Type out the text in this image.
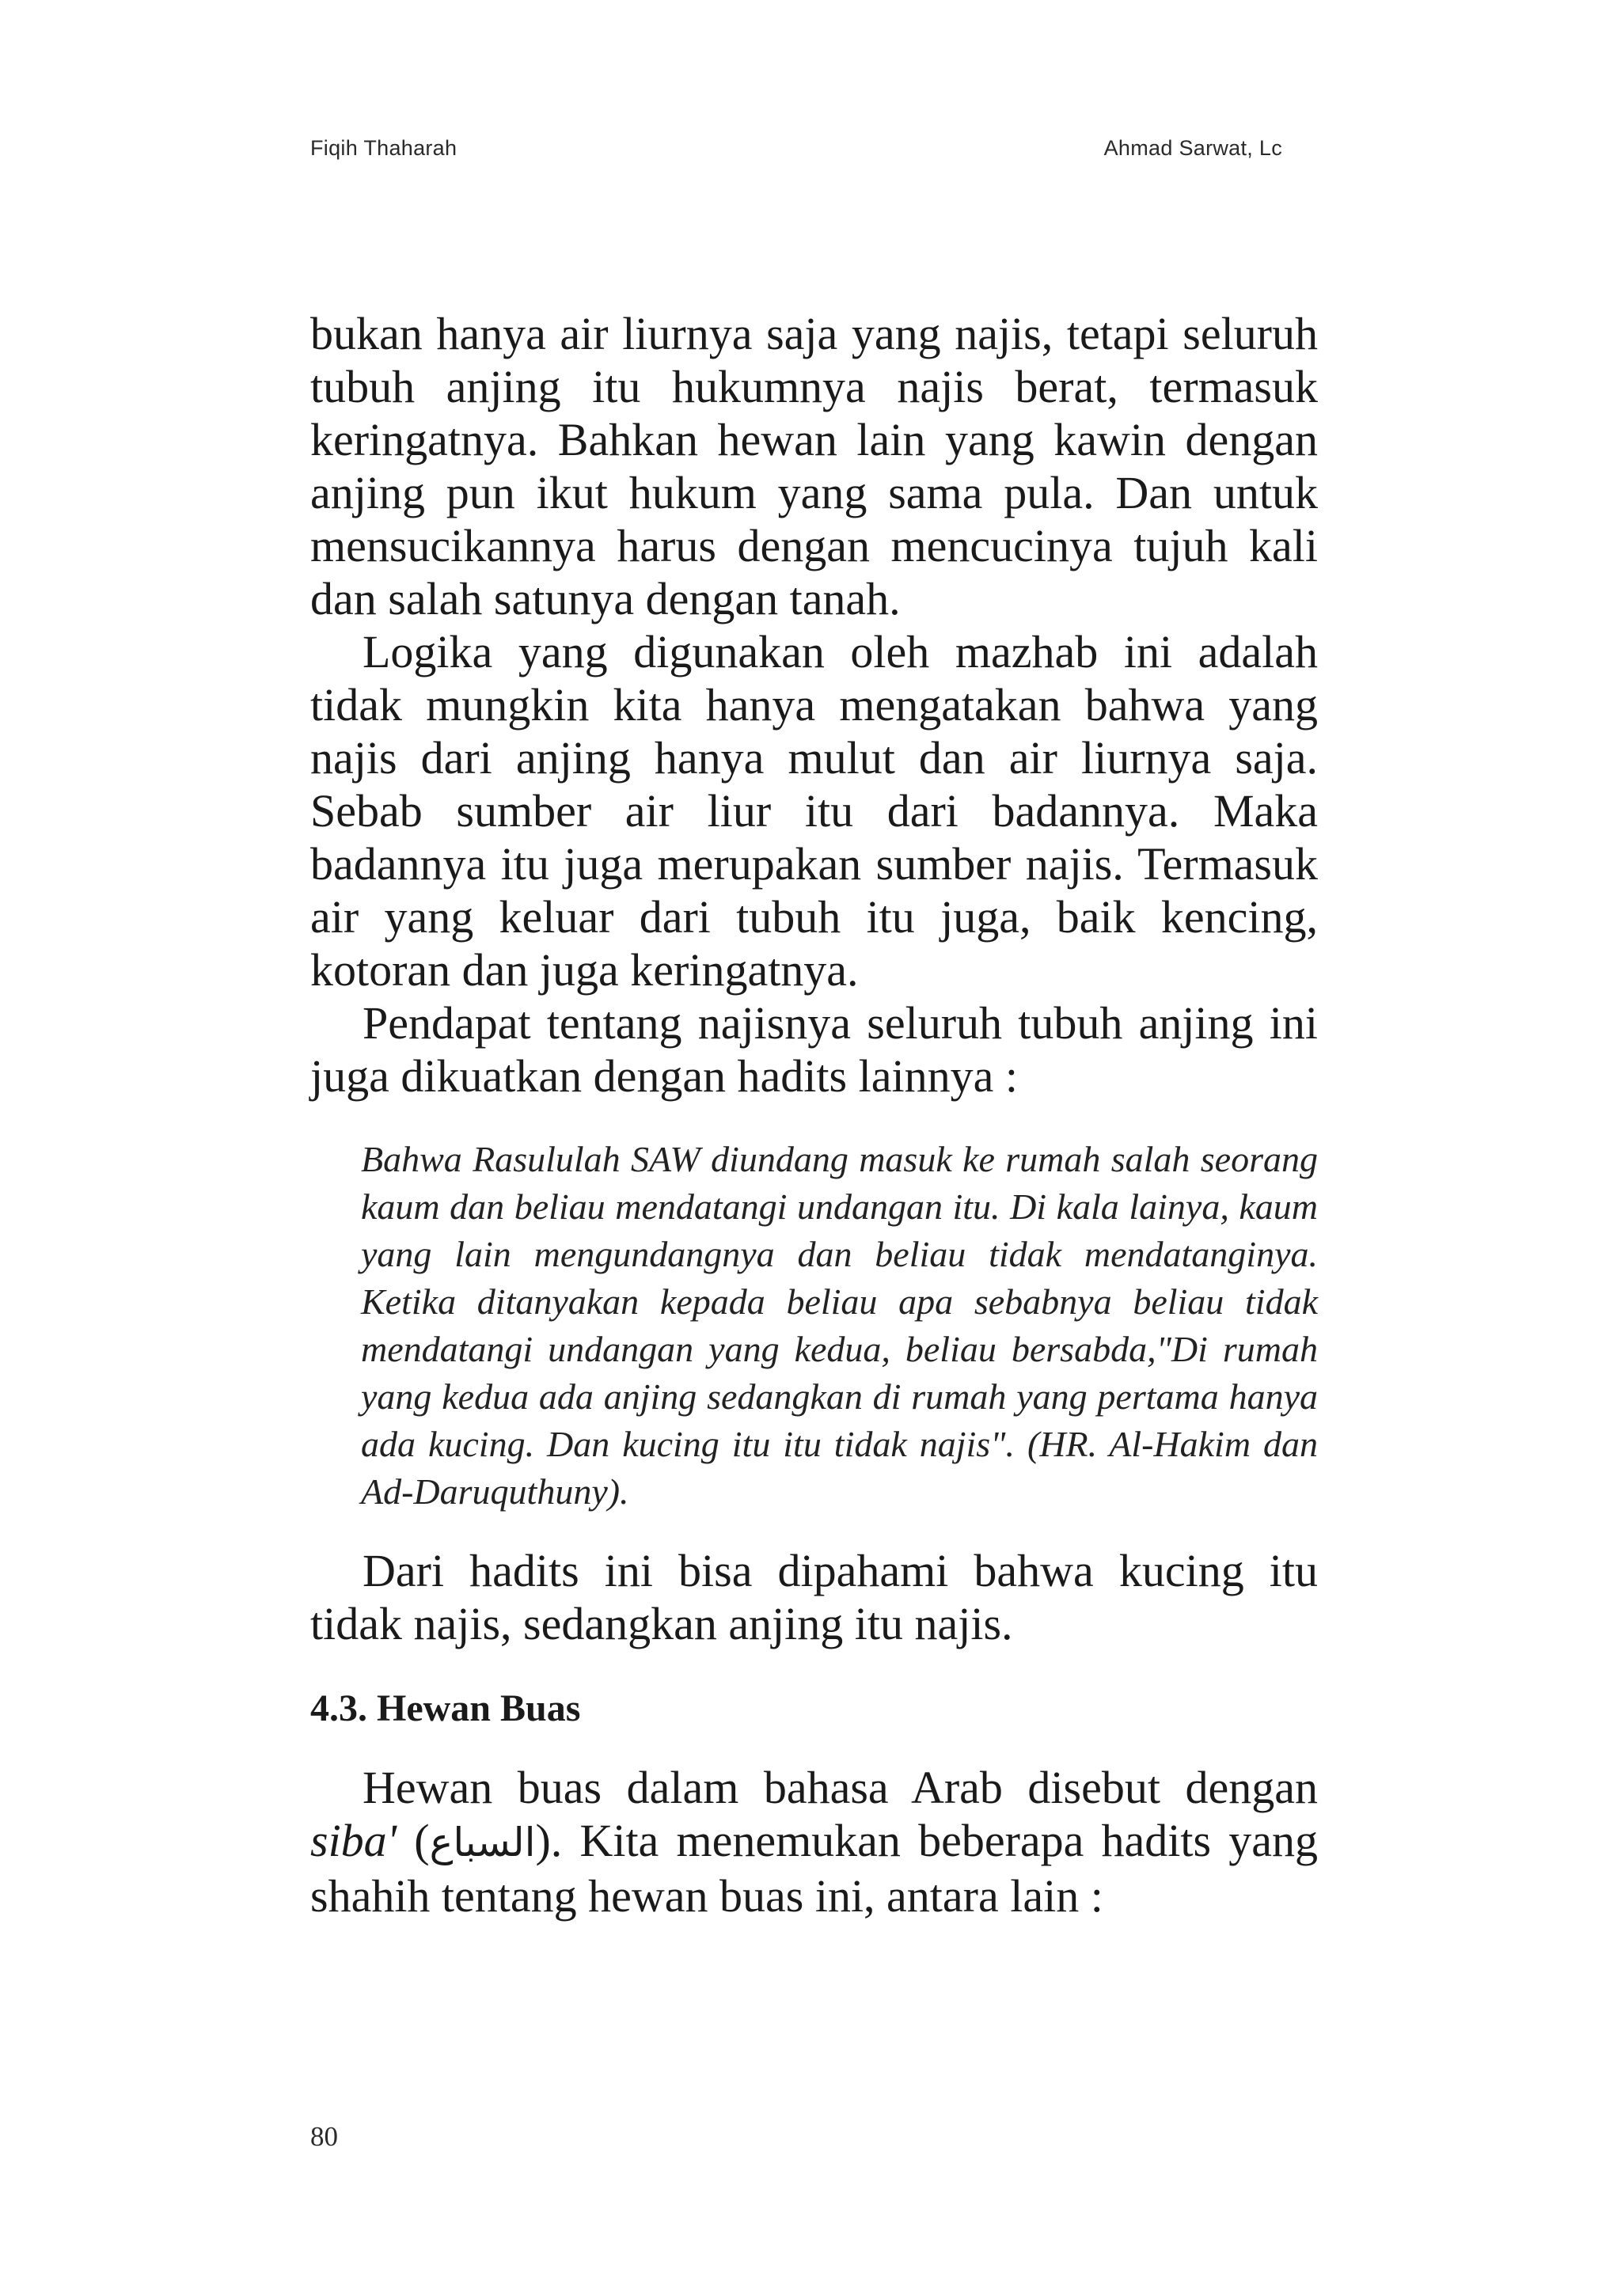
Fiqih Thaharah	Ahmad Sarwat, Lc

bukan hanya air liurnya saja yang najis, tetapi seluruh tubuh anjing itu hukumnya najis berat, termasuk keringatnya. Bahkan hewan lain yang kawin dengan anjing pun ikut hukum yang sama pula. Dan untuk mensucikannya harus dengan mencucinya tujuh kali dan salah satunya dengan tanah.

Logika yang digunakan oleh mazhab ini adalah tidak mungkin kita hanya mengatakan bahwa yang najis dari anjing hanya mulut dan air liurnya saja. Sebab sumber air liur itu dari badannya. Maka badannya itu juga merupakan sumber najis. Termasuk air yang keluar dari tubuh itu juga, baik kencing, kotoran dan juga keringatnya.

Pendapat tentang najisnya seluruh tubuh anjing ini juga dikuatkan dengan hadits lainnya :

Bahwa Rasululah SAW diundang masuk ke rumah salah seorang kaum dan beliau mendatangi undangan itu. Di kala lainya, kaum yang lain mengundangnya dan beliau tidak mendatanginya. Ketika ditanyakan kepada beliau apa sebabnya beliau tidak mendatangi undangan yang kedua, beliau bersabda,"Di rumah yang kedua ada anjing sedangkan di rumah yang pertama hanya ada kucing. Dan kucing itu itu tidak najis". (HR. Al-Hakim dan Ad-Daruquthuny).

Dari hadits ini bisa dipahami bahwa kucing itu tidak najis, sedangkan anjing itu najis.

4.3. Hewan Buas

Hewan buas dalam bahasa Arab disebut dengan siba' (السباع). Kita menemukan beberapa hadits yang shahih tentang hewan buas ini, antara lain :

80
